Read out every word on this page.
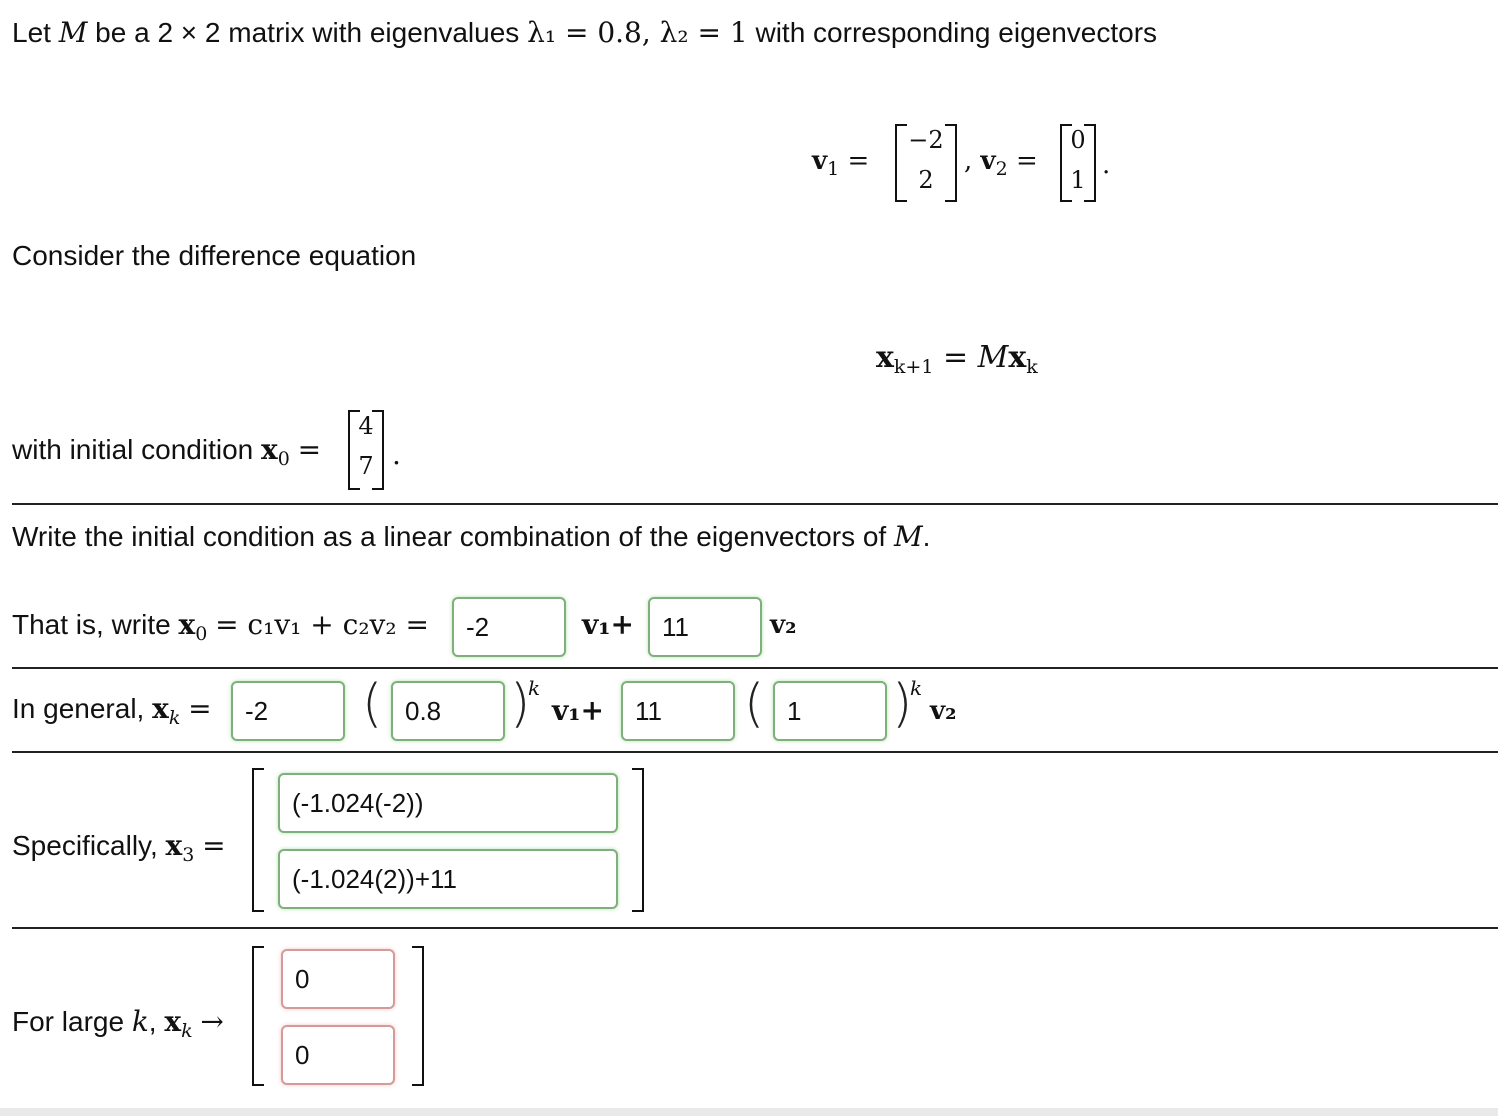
Let M be a 2 × 2 matrix with eigenvalues λ₁ = 0.8, λ₂ = 1 with corresponding eigenvectors
$v_1$ =
−2
2
, $v_2$ =
0
1 .
Consider the difference equation
$x_{k+1} = Mx_k$
with initial condition $x_0$ =
4
7 .
Write the initial condition as a linear combination of the eigenvectors of M.
That is, write $x_0 = c_1v_1 + c_2v_2$ =
-2	v₁+
11	v₂
In general, $x_k$ =
-2	(
0.8 )
k
v₁+
11	(
1 )
k
v₂
Specifically, $x_3$ =
(-1.024(-2))
(-1.024(2))+11
For large k, $x_k$ →
0
0
